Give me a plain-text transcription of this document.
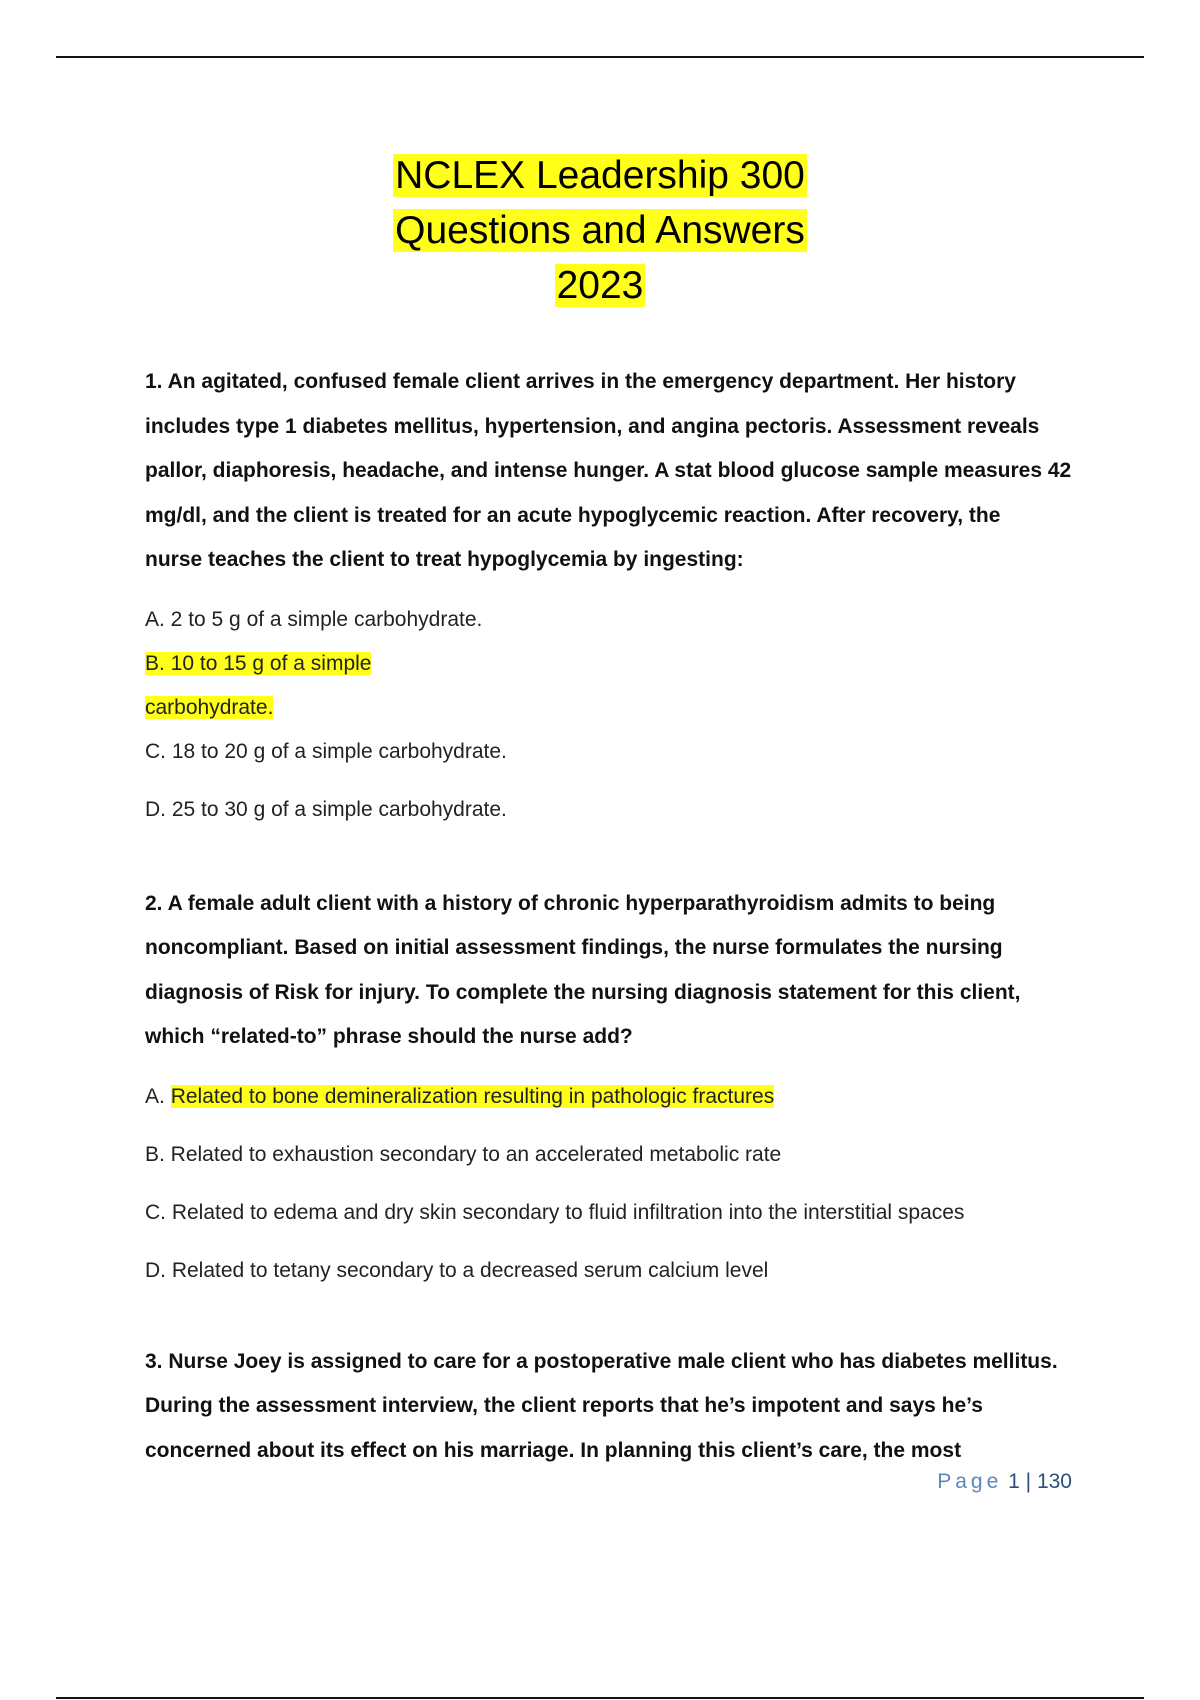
NCLEX Leadership 300
Questions and Answers
2023
1. An agitated, confused female client arrives in the emergency department. Her history
includes type 1 diabetes mellitus, hypertension, and angina pectoris. Assessment reveals
pallor, diaphoresis, headache, and intense hunger. A stat blood glucose sample measures 42
mg/dl, and the client is treated for an acute hypoglycemic reaction. After recovery, the
nurse teaches the client to treat hypoglycemia by ingesting:
A. 2 to 5 g of a simple carbohydrate.
B. 10 to 15 g of a simple
carbohydrate.
C. 18 to 20 g of a simple carbohydrate.
D. 25 to 30 g of a simple carbohydrate.
2. A female adult client with a history of chronic hyperparathyroidism admits to being
noncompliant. Based on initial assessment findings, the nurse formulates the nursing
diagnosis of Risk for injury. To complete the nursing diagnosis statement for this client,
which “related-to” phrase should the nurse add?
A. Related to bone demineralization resulting in pathologic fractures
B. Related to exhaustion secondary to an accelerated metabolic rate
C. Related to edema and dry skin secondary to fluid infiltration into the interstitial spaces
D. Related to tetany secondary to a decreased serum calcium level
3. Nurse Joey is assigned to care for a postoperative male client who has diabetes mellitus.
During the assessment interview, the client reports that he’s impotent and says he’s
concerned about its effect on his marriage. In planning this client’s care, the most
Page 1 | 130
